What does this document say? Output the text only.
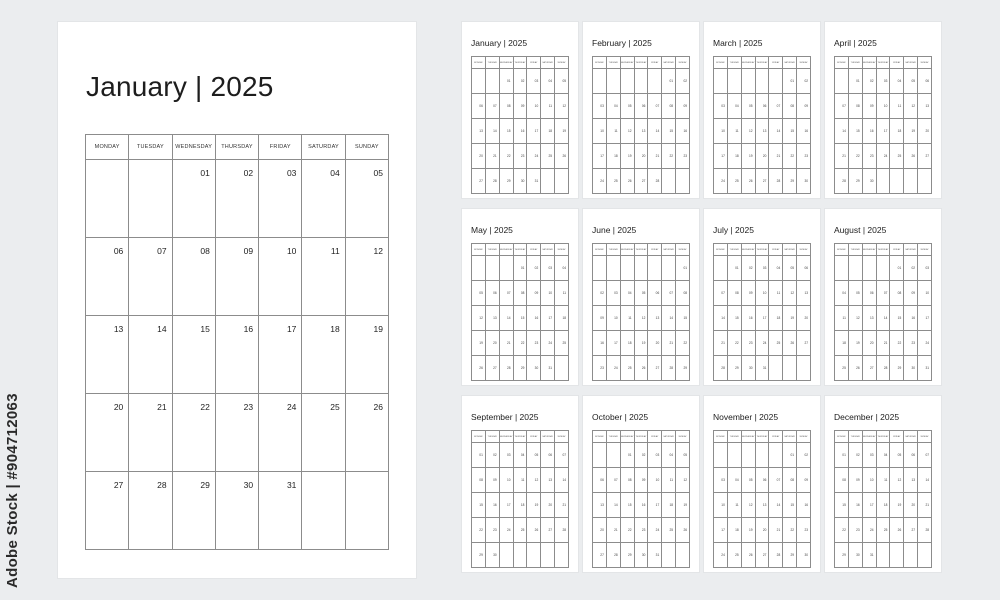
January | 2025
MONDAY	TUESDAY	WEDNESDAY	THURSDAY	FRIDAY	SATURDAY	SUNDAY
		01	02	03	04	05
06	07	08	09	10	11	12
13	14	15	16	17	18	19
20	21	22	23	24	25	26
27	28	29	30	31		
January | 2025
MONDAY	TUESDAY	WEDNESDAY	THURSDAY	FRIDAY	SATURDAY	SUNDAY
		01	02	03	04	05
06	07	08	09	10	11	12
13	14	15	16	17	18	19
20	21	22	23	24	25	26
27	28	29	30	31		
February | 2025
MONDAY	TUESDAY	WEDNESDAY	THURSDAY	FRIDAY	SATURDAY	SUNDAY
					01	02
03	04	05	06	07	08	09
10	11	12	13	14	15	16
17	18	19	20	21	22	23
24	25	26	27	28		
March | 2025
MONDAY	TUESDAY	WEDNESDAY	THURSDAY	FRIDAY	SATURDAY	SUNDAY
					01	02
03	04	05	06	07	08	09
10	11	12	13	14	15	16
17	18	19	20	21	22	23
24	25	26	27	28	29	30
April | 2025
MONDAY	TUESDAY	WEDNESDAY	THURSDAY	FRIDAY	SATURDAY	SUNDAY
	01	02	03	04	05	06
07	08	09	10	11	12	13
14	15	16	17	18	19	20
21	22	23	24	25	26	27
28	29	30				
May | 2025
MONDAY	TUESDAY	WEDNESDAY	THURSDAY	FRIDAY	SATURDAY	SUNDAY
			01	02	03	04
05	06	07	08	09	10	11
12	13	14	15	16	17	18
19	20	21	22	23	24	25
26	27	28	29	30	31	
June | 2025
MONDAY	TUESDAY	WEDNESDAY	THURSDAY	FRIDAY	SATURDAY	SUNDAY
						01
02	03	04	05	06	07	08
09	10	11	12	13	14	15
16	17	18	19	20	21	22
23	24	25	26	27	28	29
July | 2025
MONDAY	TUESDAY	WEDNESDAY	THURSDAY	FRIDAY	SATURDAY	SUNDAY
	01	02	03	04	05	06
07	08	09	10	11	12	13
14	15	16	17	18	19	20
21	22	23	24	25	26	27
28	29	30	31			
August | 2025
MONDAY	TUESDAY	WEDNESDAY	THURSDAY	FRIDAY	SATURDAY	SUNDAY
				01	02	03
04	05	06	07	08	09	10
11	12	13	14	15	16	17
18	19	20	21	22	23	24
25	26	27	28	29	30	31
September | 2025
MONDAY	TUESDAY	WEDNESDAY	THURSDAY	FRIDAY	SATURDAY	SUNDAY
01	02	03	04	05	06	07
08	09	10	11	12	13	14
15	16	17	18	19	20	21
22	23	24	25	26	27	28
29	30					
October | 2025
MONDAY	TUESDAY	WEDNESDAY	THURSDAY	FRIDAY	SATURDAY	SUNDAY
		01	02	03	04	05
06	07	08	09	10	11	12
13	14	15	16	17	18	19
20	21	22	23	24	25	26
27	28	29	30	31		
November | 2025
MONDAY	TUESDAY	WEDNESDAY	THURSDAY	FRIDAY	SATURDAY	SUNDAY
					01	02
03	04	05	06	07	08	09
10	11	12	13	14	15	16
17	18	19	20	21	22	23
24	25	26	27	28	29	30
December | 2025
MONDAY	TUESDAY	WEDNESDAY	THURSDAY	FRIDAY	SATURDAY	SUNDAY
01	02	03	04	05	06	07
08	09	10	11	12	13	14
15	16	17	18	19	20	21
22	23	24	25	26	27	28
29	30	31				
Adobe Stock | #904712063
